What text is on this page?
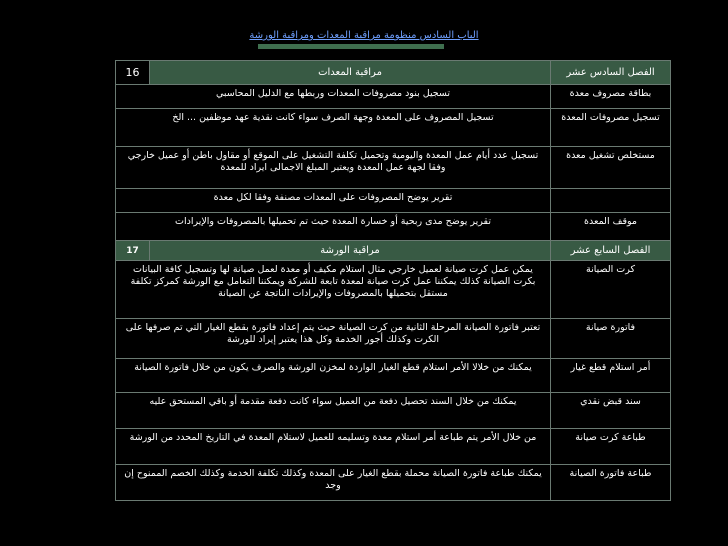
الباب السادس منظومة مراقبة المعدات ومراقبة الورشة
الفصل السادس عشر	مراقبة المعدات	16
بطاقة مصروف معدة	تسجيل بنود مصروفات المعدات وربطها مع الدليل المحاسبي	
تسجيل مصروفات المعدة	تسجيل المصروف على المعدة وجهة الصرف سواء كانت نقدية عهد موظفين ... الخ	
مستخلص تشغيل معدة	تسجيل عدد أيام عمل المعدة واليومية وتحميل تكلفة التشغيل على الموقع أو مقاول باطن أو عميل خارجي وفقا لجهة عمل المعدة ويعتبر المبلغ الاجمالى ايراد للمعدة	
	تقرير يوضح المصروفات على المعدات مصنفة وفقا لكل معدة	
موقف المعدة	تقرير يوضح مدى ربحية أو خسارة المعدة حيث تم تحميلها بالمصروفات والإيرادات	
الفصل السابع عشر	مراقبة الورشة	17
كرت الصيانة	يمكن عمل كرت صيانة لعميل خارجي مثال استلام مكيف أو معدة لعمل صيانة لها وتسجيل كافة البيانات بكرت الصيانة كذلك يمكننا عمل كرت صيانة لمعدة تابعة للشركة ويمكننا التعامل مع الورشة كمركز تكلفة مستقل بتحميلها بالمصروفات والإيرادات الناتجة عن الصيانة	
فاتورة صيانة	تعتبر فاتورة الصيانة المرحلة الثانية من كرت الصيانة حيث يتم إعداد فاتورة بقطع الغيار التي تم صرفها على الكرت وكذلك أجور الخدمة وكل هذا يعتبر إيراد للورشة	
أمر استلام قطع غيار	يمكنك من خلالا الأمر استلام قطع الغيار الواردة لمخزن الورشة والصرف يكون من خلال فاتورة الصيانة	
سند قبض نقدي	يمكنك من خلال السند تحصيل دفعة من العميل سواء كانت دفعة مقدمة أو باقي المستحق عليه	
طباعة كرت صيانة	من خلال الأمر يتم طباعة أمر استلام معدة وتسليمه للعميل لاستلام المعدة في التاريخ المحدد من الورشة	
طباعة فاتورة الصيانة	يمكنك طباعة فاتورة الصيانة محملة بقطع الغيار على المعدة وكذلك تكلفة الخدمة وكذلك الخصم الممنوح إن وجد	
